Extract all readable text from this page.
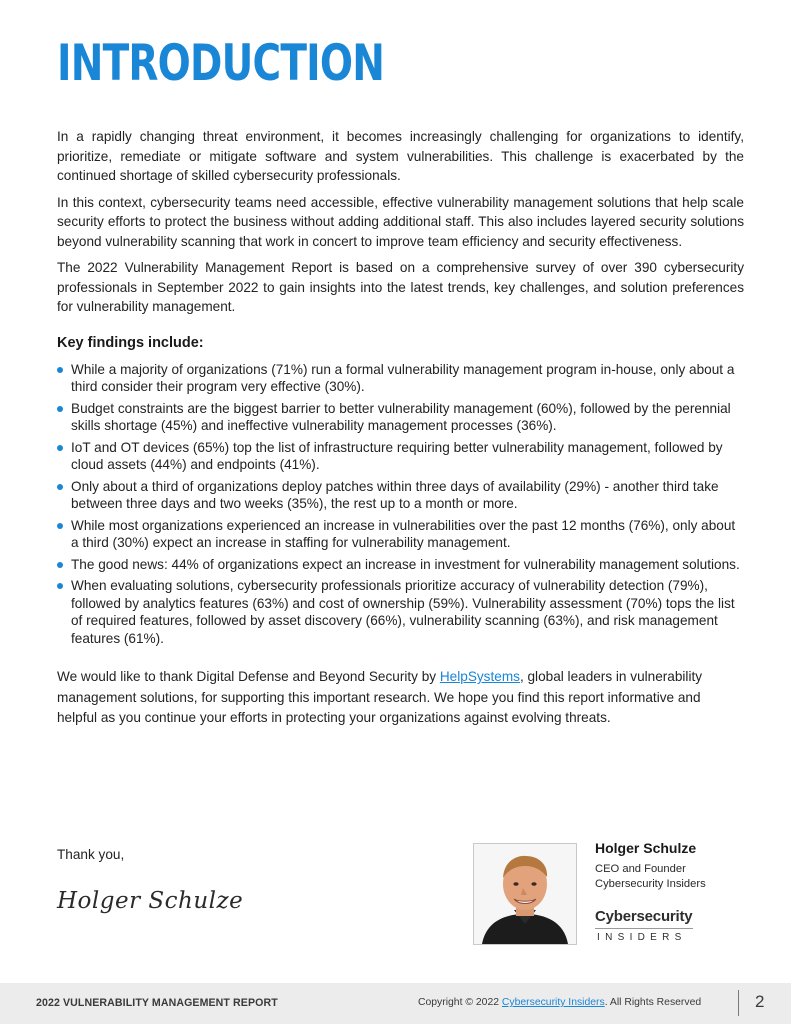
INTRODUCTION

In a rapidly changing threat environment, it becomes increasingly challenging for organizations to identify, prioritize, remediate or mitigate software and system vulnerabilities. This challenge is exacerbated by the continued shortage of skilled cybersecurity professionals.

In this context, cybersecurity teams need accessible, effective vulnerability management solutions that help scale security efforts to protect the business without adding additional staff. This also includes layered security solutions beyond vulnerability scanning that work in concert to improve team efficiency and security effectiveness.

The 2022 Vulnerability Management Report is based on a comprehensive survey of over 390 cybersecurity professionals in September 2022 to gain insights into the latest trends, key challenges, and solution preferences for vulnerability management.

Key findings include:
While a majority of organizations (71%) run a formal vulnerability management program in-house, only about a third consider their program very effective (30%).
Budget constraints are the biggest barrier to better vulnerability management (60%), followed by the perennial skills shortage (45%) and ineffective vulnerability management processes (36%).
IoT and OT devices (65%) top the list of infrastructure requiring better vulnerability management, followed by cloud assets (44%) and endpoints (41%).
Only about a third of organizations deploy patches within three days of availability (29%) - another third take between three days and two weeks (35%), the rest up to a month or more.
While most organizations experienced an increase in vulnerabilities over the past 12 months (76%), only about a third (30%) expect an increase in staffing for vulnerability management.
The good news: 44% of organizations expect an increase in investment for vulnerability management solutions.
When evaluating solutions, cybersecurity professionals prioritize accuracy of vulnerability detection (79%), followed by analytics features (63%) and cost of ownership (59%). Vulnerability assessment (70%) tops the list of required features, followed by asset discovery (66%), vulnerability scanning (63%), and risk management features (61%).

We would like to thank Digital Defense and Beyond Security by HelpSystems, global leaders in vulnerability management solutions, for supporting this important research. We hope you find this report informative and helpful as you continue your efforts in protecting your organizations against evolving threats.

Thank you,
Holger Schulze
Holger Schulze
CEO and Founder
Cybersecurity Insiders
Cybersecurity
INSIDERS
2022 VULNERABILITY MANAGEMENT REPORT	Copyright © 2022 Cybersecurity Insiders. All Rights Reserved	2
